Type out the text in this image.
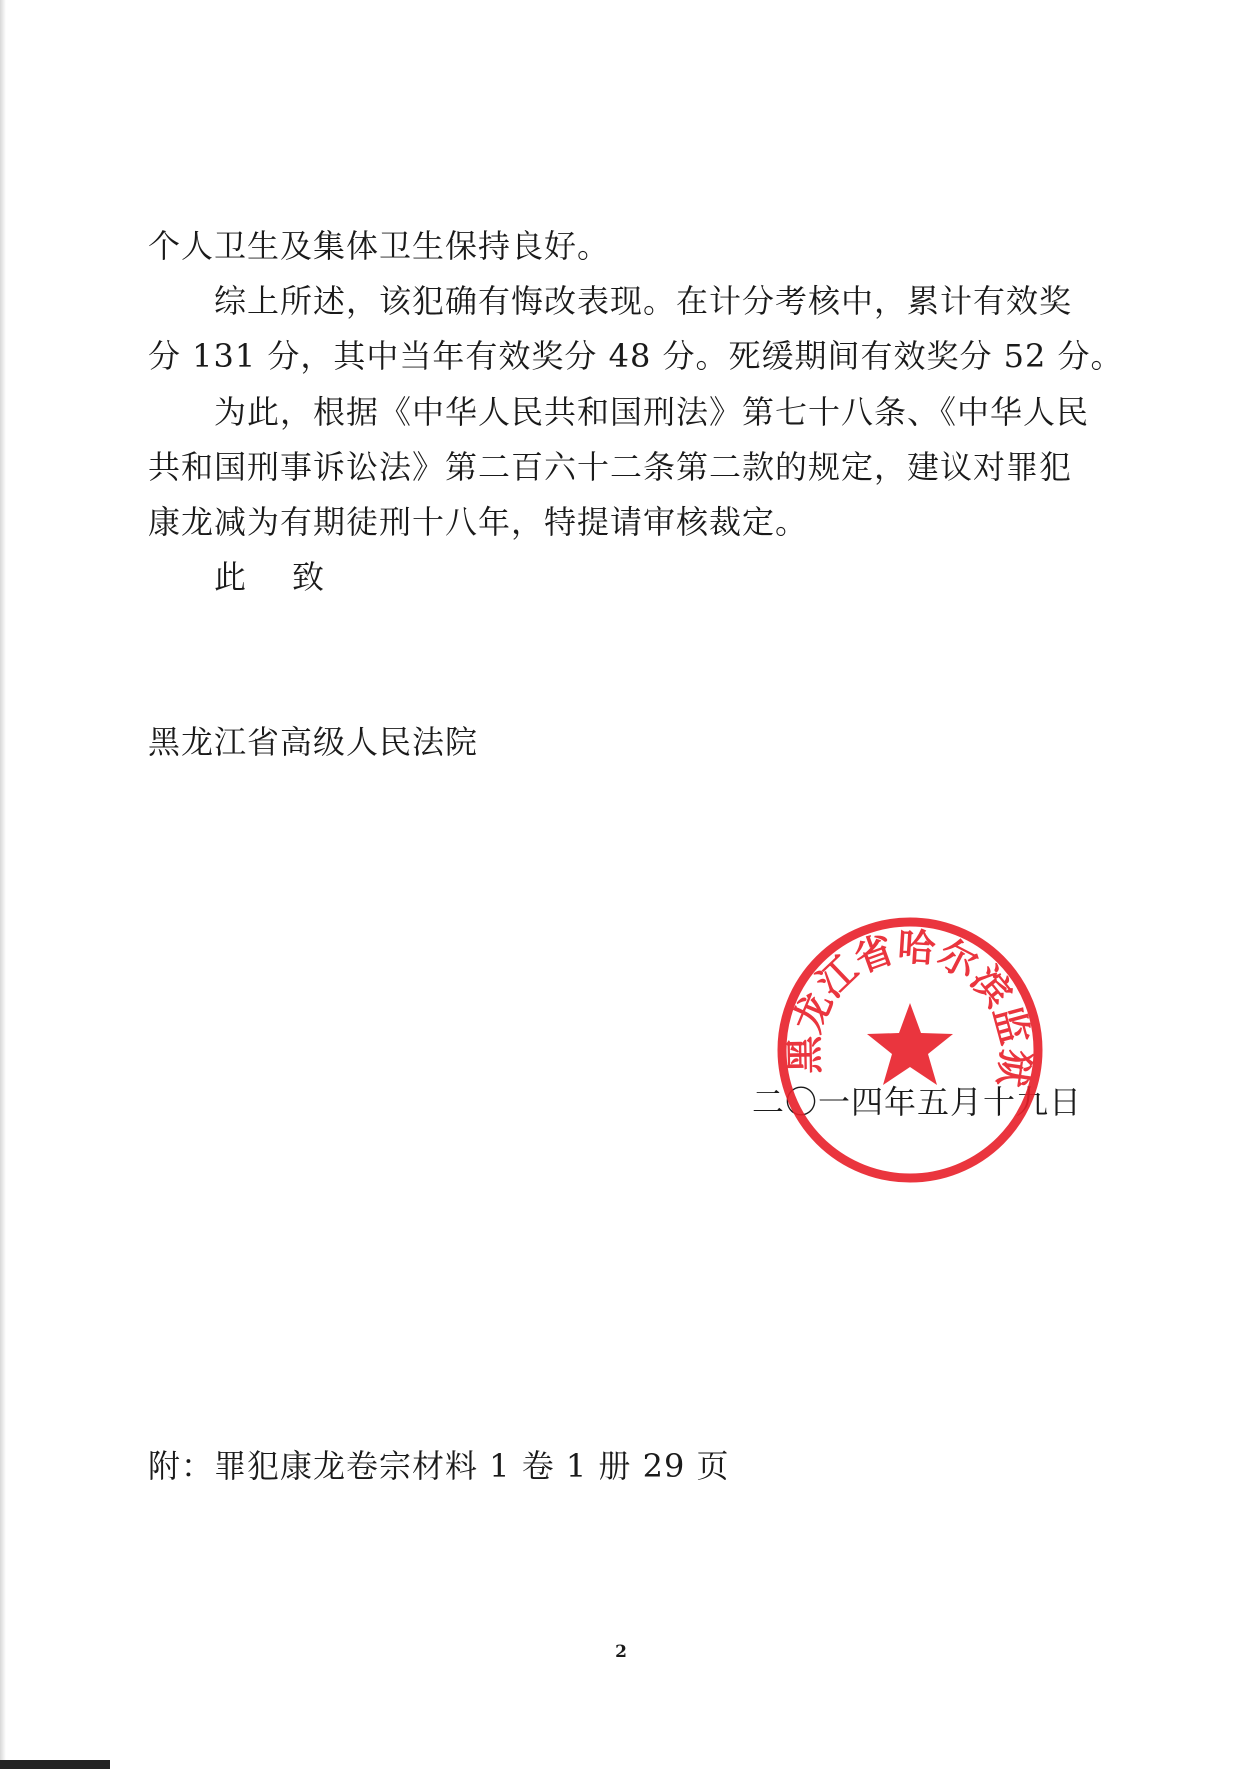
个人卫生及集体卫生保持良好。
综上所述，该犯确有悔改表现。在计分考核中，累计有效奖
分 131 分，其中当年有效奖分 48 分。死缓期间有效奖分 52 分。
为此，根据《中华人民共和国刑法》第七十八条、《中华人民
共和国刑事诉讼法》第二百六十二条第二款的规定，建议对罪犯
康龙减为有期徒刑十八年，特提请审核裁定。
此 致
黑龙江省高级人民法院
黑龙江省哈尔滨监狱
二〇一四年五月十九日
附：罪犯康龙卷宗材料 1 卷 1 册 29 页
2
